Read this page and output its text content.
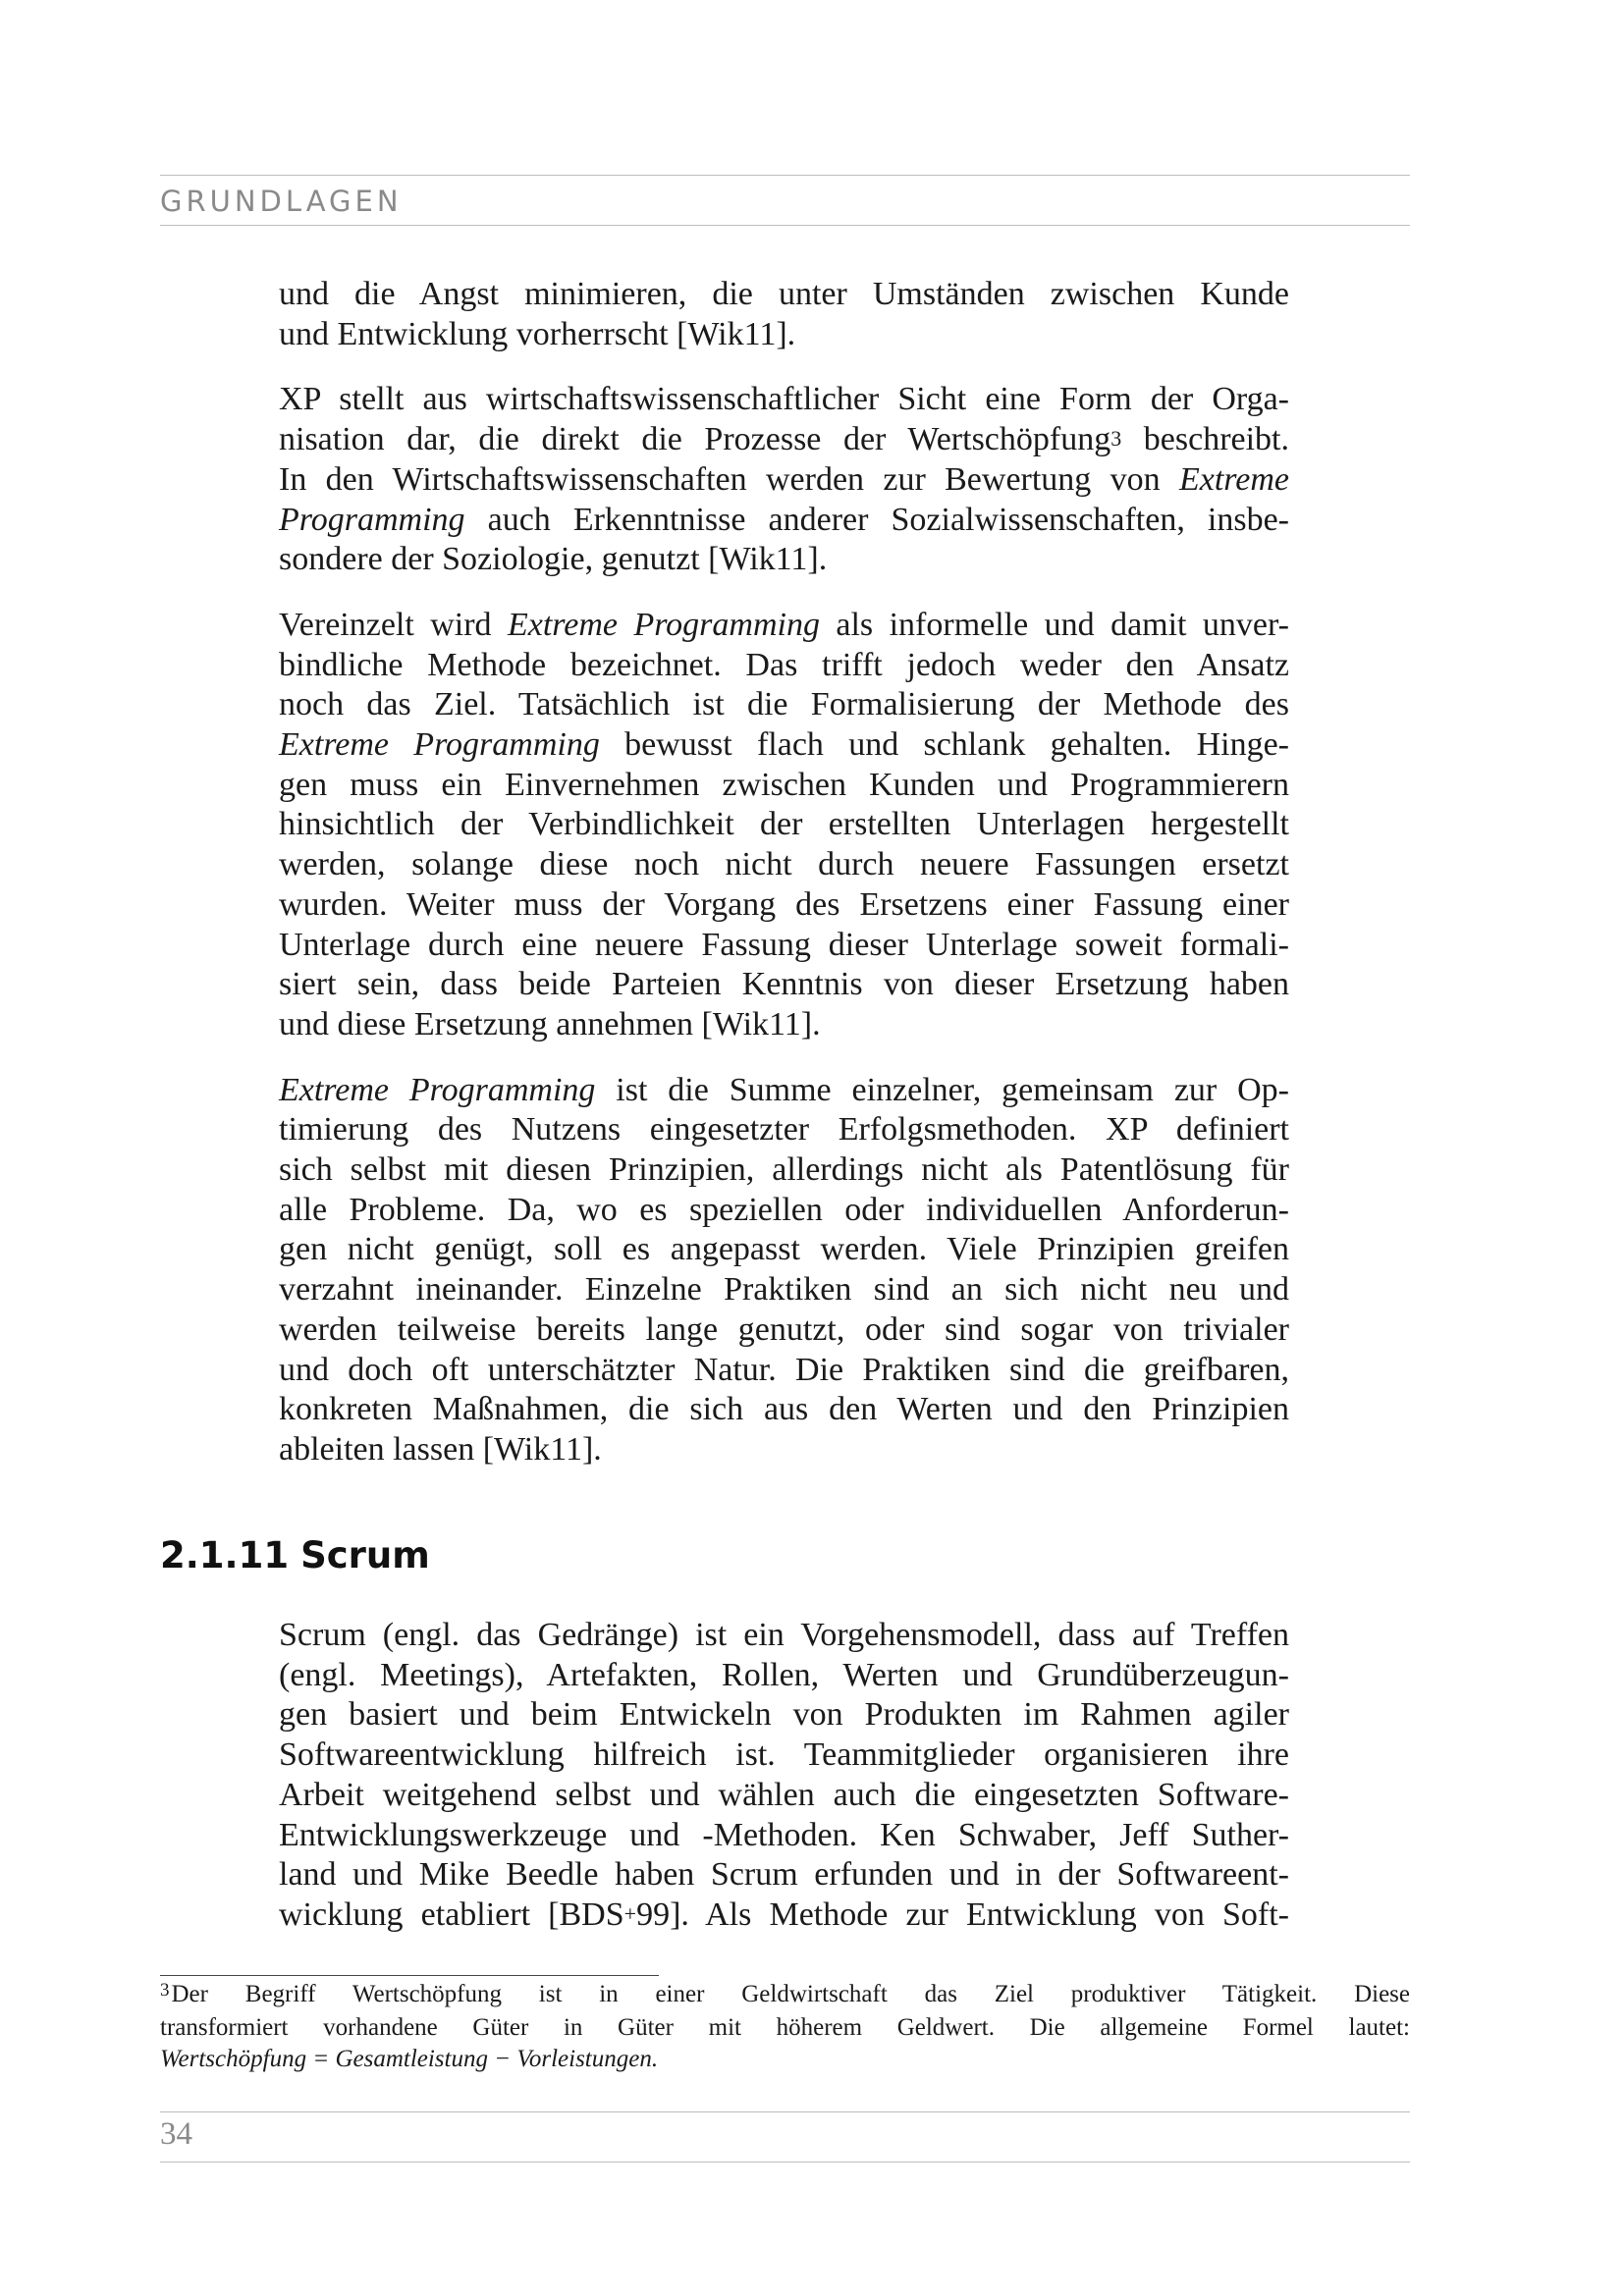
GRUNDLAGEN

und die Angst minimieren, die unter Umständen zwischen Kunde
und Entwicklung vorherrscht [Wik11].

XP stellt aus wirtschaftswissenschaftlicher Sicht eine Form der Orga-
nisation dar, die direkt die Prozesse der Wertschöpfung$^3$ beschreibt.
In den Wirtschaftswissenschaften werden zur Bewertung von Extreme
Programming auch Erkenntnisse anderer Sozialwissenschaften, insbe-
sondere der Soziologie, genutzt [Wik11].

Vereinzelt wird Extreme Programming als informelle und damit unver-
bindliche Methode bezeichnet. Das trifft jedoch weder den Ansatz
noch das Ziel. Tatsächlich ist die Formalisierung der Methode des
Extreme Programming bewusst flach und schlank gehalten. Hinge-
gen muss ein Einvernehmen zwischen Kunden und Programmierern
hinsichtlich der Verbindlichkeit der erstellten Unterlagen hergestellt
werden, solange diese noch nicht durch neuere Fassungen ersetzt
wurden. Weiter muss der Vorgang des Ersetzens einer Fassung einer
Unterlage durch eine neuere Fassung dieser Unterlage soweit formali-
siert sein, dass beide Parteien Kenntnis von dieser Ersetzung haben
und diese Ersetzung annehmen [Wik11].

Extreme Programming ist die Summe einzelner, gemeinsam zur Op-
timierung des Nutzens eingesetzter Erfolgsmethoden. XP definiert
sich selbst mit diesen Prinzipien, allerdings nicht als Patentlösung für
alle Probleme. Da, wo es speziellen oder individuellen Anforderun-
gen nicht genügt, soll es angepasst werden. Viele Prinzipien greifen
verzahnt ineinander. Einzelne Praktiken sind an sich nicht neu und
werden teilweise bereits lange genutzt, oder sind sogar von trivialer
und doch oft unterschätzter Natur. Die Praktiken sind die greifbaren,
konkreten Maßnahmen, die sich aus den Werten und den Prinzipien
ableiten lassen [Wik11].

2.1.11 Scrum

Scrum (engl. das Gedränge) ist ein Vorgehensmodell, dass auf Treffen
(engl. Meetings), Artefakten, Rollen, Werten und Grundüberzeugun-
gen basiert und beim Entwickeln von Produkten im Rahmen agiler
Softwareentwicklung hilfreich ist. Teammitglieder organisieren ihre
Arbeit weitgehend selbst und wählen auch die eingesetzten Software-
Entwicklungswerkzeuge und -Methoden. Ken Schwaber, Jeff Suther-
land und Mike Beedle haben Scrum erfunden und in der Softwareent-
wicklung etabliert [BDS+99]. Als Methode zur Entwicklung von Soft-

$^3$Der Begriff Wertschöpfung ist in einer Geldwirtschaft das Ziel produktiver Tätigkeit. Diese
transformiert vorhandene Güter in Güter mit höherem Geldwert. Die allgemeine Formel lautet:
Wertschöpfung = Gesamtleistung − Vorleistungen.
34
